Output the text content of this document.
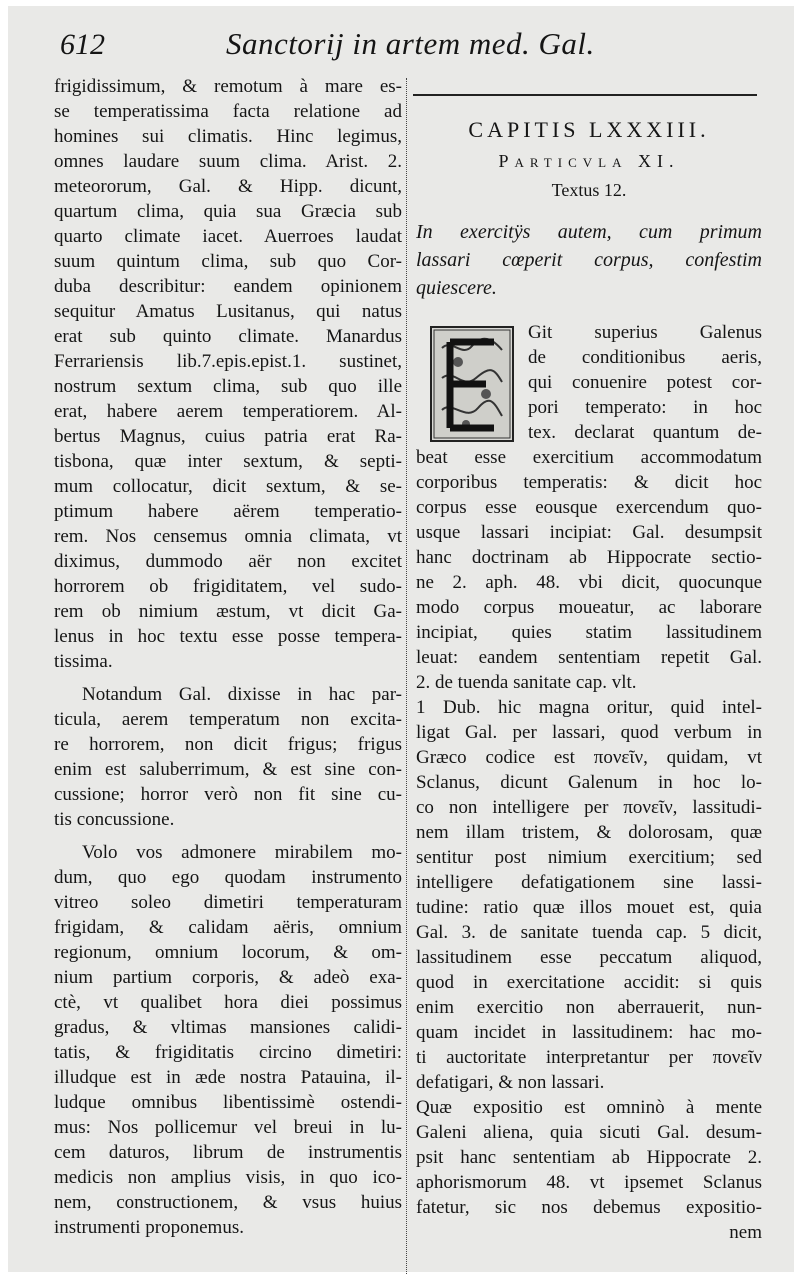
612	Sanctorij in artem med. Gal.
frigidissimum, & remotum à mare es-
se temperatissima facta relatione ad
homines sui climatis. Hinc legimus,
omnes laudare suum clima. Arist. 2.
meteororum, Gal. & Hipp. dicunt,
quartum clima, quia sua Græcia sub
quarto climate iacet. Auerroes laudat
suum quintum clima, sub quo Cor-
duba describitur: eandem opinionem
sequitur Amatus Lusitanus, qui natus
erat sub quinto climate. Manardus
Ferrariensis lib.7.epis.epist.1. sustinet,
nostrum sextum clima, sub quo ille
erat, habere aerem temperatiorem. Al-
bertus Magnus, cuius patria erat Ra-
tisbona, quæ inter sextum, & septi-
mum collocatur, dicit sextum, & se-
ptimum habere aërem temperatio-
rem. Nos censemus omnia climata, vt
diximus, dummodo aër non excitet
horrorem ob frigiditatem, vel sudo-
rem ob nimium æstum, vt dicit Ga-
lenus in hoc textu esse posse tempera-
tissima.
Notandum Gal. dixisse in hac par-
ticula, aerem temperatum non excita-
re horrorem, non dicit frigus; frigus
enim est saluberrimum, & est sine con-
cussione; horror verò non fit sine cu-
tis concussione.
Volo vos admonere mirabilem mo-
dum, quo ego quodam instrumento
vitreo soleo dimetiri temperaturam
frigidam, & calidam aëris, omnium
regionum, omnium locorum, & om-
nium partium corporis, & adeò exa-
ctè, vt qualibet hora diei possimus
gradus, & vltimas mansiones calidi-
tatis, & frigiditatis circino dimetiri:
illudque est in æde nostra Patauina, il-
ludque omnibus libentissimè ostendi-
mus: Nos pollicemur vel breui in lu-
cem daturos, librum de instrumentis
medicis non amplius visis, in quo ico-
nem, constructionem, & vsus huius
instrumenti proponemus.
CAPITIS LXXXIII.
Particvla XI.
Textus 12.
In exercitÿs autem, cum primum
lassari cœperit corpus, confestim
quiescere.
Git superius Galenus
de conditionibus aeris,
qui conuenire potest cor-
pori temperato: in hoc
tex. declarat quantum de-
beat esse exercitium accommodatum
corporibus temperatis: & dicit hoc
corpus esse eousque exercendum quo-
usque lassari incipiat: Gal. desumpsit
hanc doctrinam ab Hippocrate sectio-
ne 2. aph. 48. vbi dicit, quocunque
modo corpus moueatur, ac laborare
incipiat, quies statim lassitudinem
leuat: eandem sententiam repetit Gal.
2. de tuenda sanitate cap. vlt.
1 Dub. hic magna oritur, quid intel-
ligat Gal. per lassari, quod verbum in
Græco codice est πονεῖν, quidam, vt
Sclanus, dicunt Galenum in hoc lo-
co non intelligere per πονεῖν, lassitudi-
nem illam tristem, & dolorosam, quæ
sentitur post nimium exercitium; sed
intelligere defatigationem sine lassi-
tudine: ratio quæ illos mouet est, quia
Gal. 3. de sanitate tuenda cap. 5 dicit,
lassitudinem esse peccatum aliquod,
quod in exercitatione accidit: si quis
enim exercitio non aberrauerit, nun-
quam incidet in lassitudinem: hac mo-
ti auctoritate interpretantur per πονεῖν
defatigari, & non lassari.
Quæ expositio est omninò à mente
Galeni aliena, quia sicuti Gal. desum-
psit hanc sententiam ab Hippocrate 2.
aphorismorum 48. vt ipsemet Sclanus
fatetur, sic nos debemus expositio-
nem
